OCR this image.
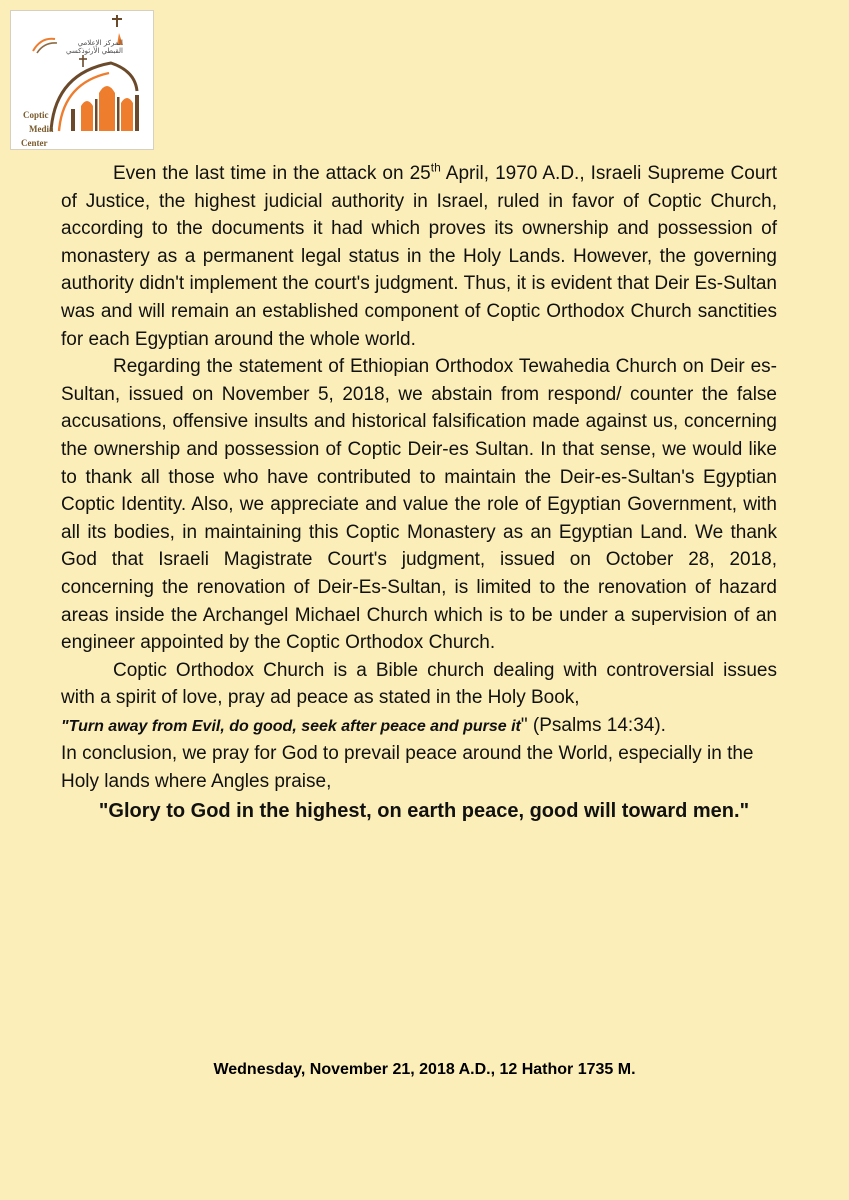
المركز الإعلامي
القبطي الأرثوذكسي
Coptic
Media
Center

Even the last time in the attack on 25th April, 1970 A.D., Israeli Supreme Court of Justice, the highest judicial authority in Israel, ruled in favor of Coptic Church, according to the documents it had which proves its ownership and possession of monastery as a permanent legal status in the Holy Lands. However, the governing authority didn't implement the court's judgment. Thus, it is evident that Deir Es-Sultan was and will remain an established component of Coptic Orthodox Church sanctities for each Egyptian around the whole world.

Regarding the statement of Ethiopian Orthodox Tewahedia Church on Deir es-Sultan, issued on November 5, 2018, we abstain from respond/ counter the false accusations, offensive insults and historical falsification made against us, concerning the ownership and possession of Coptic Deir-es Sultan. In that sense, we would like to thank all those who have contributed to maintain the Deir-es-Sultan's Egyptian Coptic Identity. Also, we appreciate and value the role of Egyptian Government, with all its bodies, in maintaining this Coptic Monastery as an Egyptian Land. We thank God that Israeli Magistrate Court's judgment, issued on October 28, 2018, concerning the renovation of Deir-Es-Sultan, is limited to the renovation of hazard areas inside the Archangel Michael Church which is to be under a supervision of an engineer appointed by the Coptic Orthodox Church.

Coptic Orthodox Church is a Bible church dealing with controversial issues with a spirit of love, pray ad peace as stated in the Holy Book,

"Turn away from Evil, do good, seek after peace and purse it" (Psalms 14:34).

In conclusion, we pray for God to prevail peace around the World, especially in the Holy lands where Angles praise,

"Glory to God in the highest, on earth peace, good will toward men."

Wednesday, November 21, 2018 A.D., 12 Hathor 1735 M.
